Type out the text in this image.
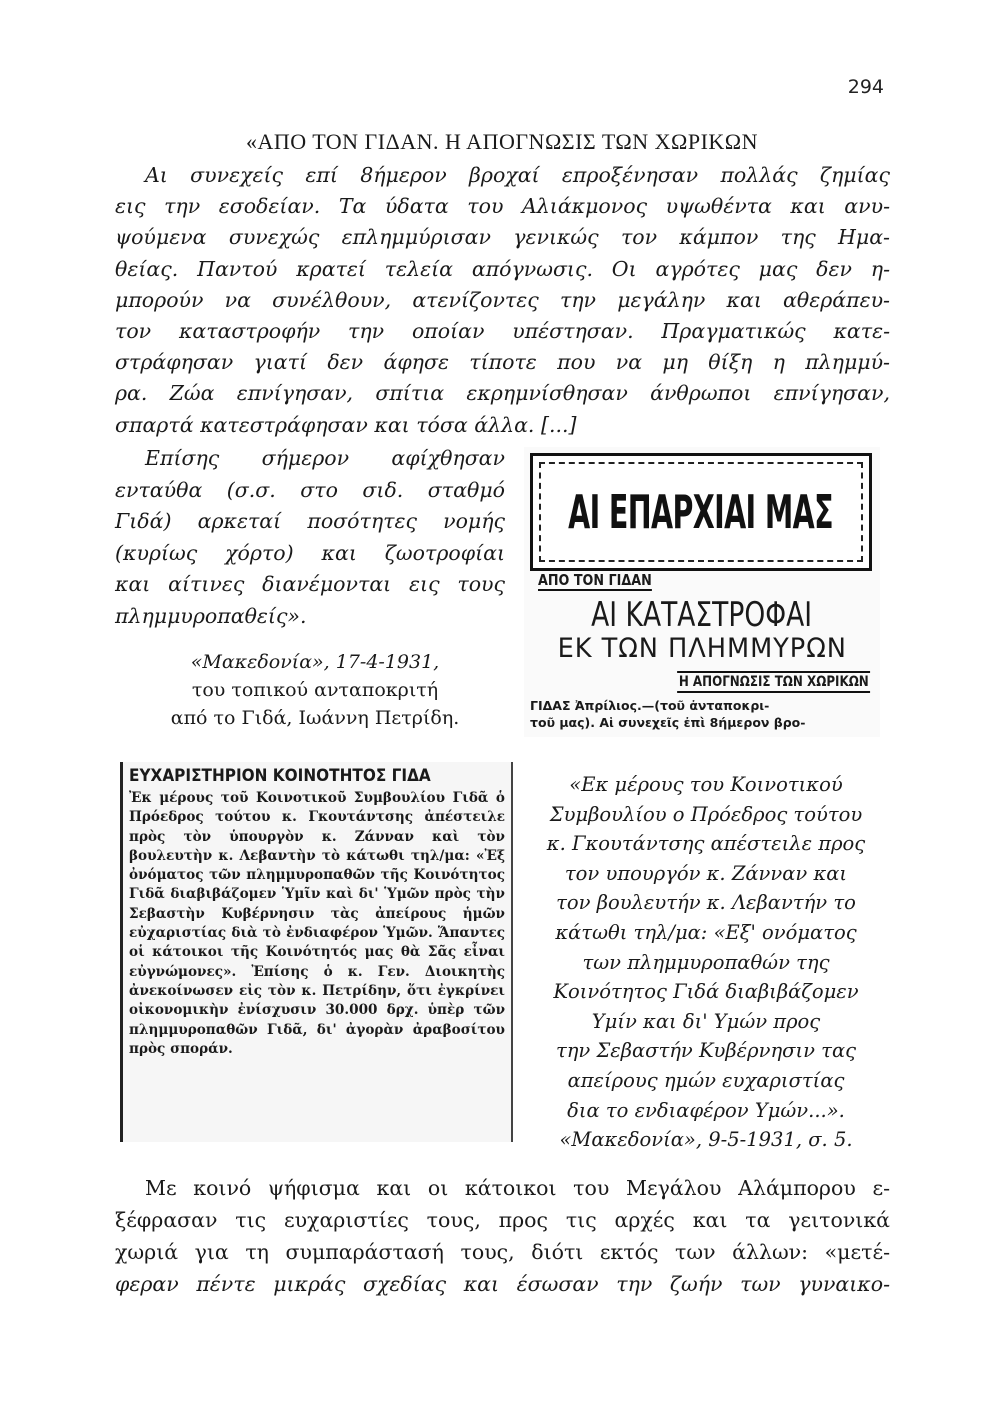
294
«ΑΠΟ ΤΟΝ ΓΙΔΑΝ. Η ΑΠΟΓΝΩΣΙΣ ΤΩΝ ΧΩΡΙΚΩΝ
Αι συνεχείς επί 8ήμερον βροχαί επροξένησαν πολλάς ζημίας
εις την εσοδείαν. Τα ύδατα του Αλιάκμονος υψωθέντα και ανυ-
ψούμενα συνεχώς επλημμύρισαν γενικώς τον κάμπον της Ημα-
θείας. Παντού κρατεί τελεία απόγνωσις. Οι αγρότες μας δεν η-
μπορούν να συνέλθουν, ατενίζοντες την μεγάλην και αθεράπευ-
τον καταστροφήν την οποίαν υπέστησαν. Πραγματικώς κατε-
στράφησαν γιατί δεν άφησε τίποτε που να μη θίξη η πλημμύ-
ρα. Ζώα επνίγησαν, σπίτια εκρημνίσθησαν άνθρωποι επνίγησαν,
σπαρτά κατεστράφησαν και τόσα άλλα. [...]
Επίσης σήμερον αφίχθησαν
ενταύθα (σ.σ. στο σιδ. σταθμό
Γιδά) αρκεταί ποσότητες νομής
(κυρίως χόρτο) και ζωοτροφίαι
και αίτινες διανέμονται εις τους
πλημμυροπαθείς».
«Μακεδονία», 17-4-1931,
του τοπικού ανταποκριτή
από το Γιδά, Ιωάννη Πετρίδη.
ΑΙ ΕΠΑΡΧΙΑΙ ΜΑΣ
ΑΠΟ ΤΟΝ ΓΙΔΑΝ
ΑΙ ΚΑΤΑΣΤΡΟΦΑΙ
ΕΚ ΤΩΝ ΠΛΗΜΜΥΡΩΝ
Η ΑΠΟΓΝΩΣΙΣ ΤΩΝ ΧΩΡΙΚΩΝ
ΓΙΔΑΣ Ἀπρίλιος.—(τοῦ ἀνταποκρι-
τοῦ μας). Αἱ συνεχεῖς ἐπὶ 8ήμερον βρο-
ΕΥΧΑΡΙΣΤΗΡΙΟΝ ΚΟΙΝΟΤΗΤΟΣ ΓΙΔΑ
Ἐκ μέρους τοῦ Κοινοτικοῦ Συμβουλίου Γιδᾶ ὁ Πρόεδρος τούτου κ. Γκουτάντσης ἀπέστειλε πρὸς τὸν ὑπουργὸν κ. Ζάνναν καὶ τὸν βουλευτὴν κ. Λεβαντὴν τὸ κάτωθι τηλ/μα: «Ἐξ ὀνόματος τῶν πλημμυροπαθῶν τῆς Κοινότητος Γιδᾶ διαβιβάζομεν Ὑμῖν καὶ δι' Ὑμῶν πρὸς τὴν Σεβαστὴν Κυβέρνησιν τὰς ἀπείρους ἡμῶν εὐχαριστίας διὰ τὸ ἐνδιαφέρον Ὑμῶν. Ἅπαντες οἱ κάτοικοι τῆς Κοινότητός μας θὰ Σᾶς εἶναι εὐγνώμονες». Ἐπίσης ὁ κ. Γεν. Διοικητὴς ἀνεκοίνωσεν εἰς τὸν κ. Πετρίδην, ὅτι ἐγκρίνει οἰκονομικὴν ἐνίσχυσιν 30.000 δρχ. ὑπὲρ τῶν πλημμυροπαθῶν Γιδᾶ, δι' ἀγορὰν ἀραβοσίτου πρὸς σποράν.
«Εκ μέρους του Κοινοτικού
Συμβουλίου ο Πρόεδρος τούτου
κ. Γκουτάντσης απέστειλε προς
τον υπουργόν κ. Ζάνναν και
τον βουλευτήν κ. Λεβαντήν το
κάτωθι τηλ/μα: «Εξ' ονόματος
των πλημμυροπαθών της
Κοινότητος Γιδά διαβιβάζομεν
Υμίν και δι' Υμών προς
την Σεβαστήν Κυβέρνησιν τας
απείρους ημών ευχαριστίας
δια το ενδιαφέρον Υμών...».
«Μακεδονία», 9-5-1931, σ. 5.
Με κοινό ψήφισμα και οι κάτοικοι του Μεγάλου Αλάμπορου ε-
ξέφρασαν τις ευχαριστίες τους, προς τις αρχές και τα γειτονικά
χωριά για τη συμπαράστασή τους, διότι εκτός των άλλων: «μετέ-
φεραν πέντε μικράς σχεδίας και έσωσαν την ζωήν των γυναικο-
